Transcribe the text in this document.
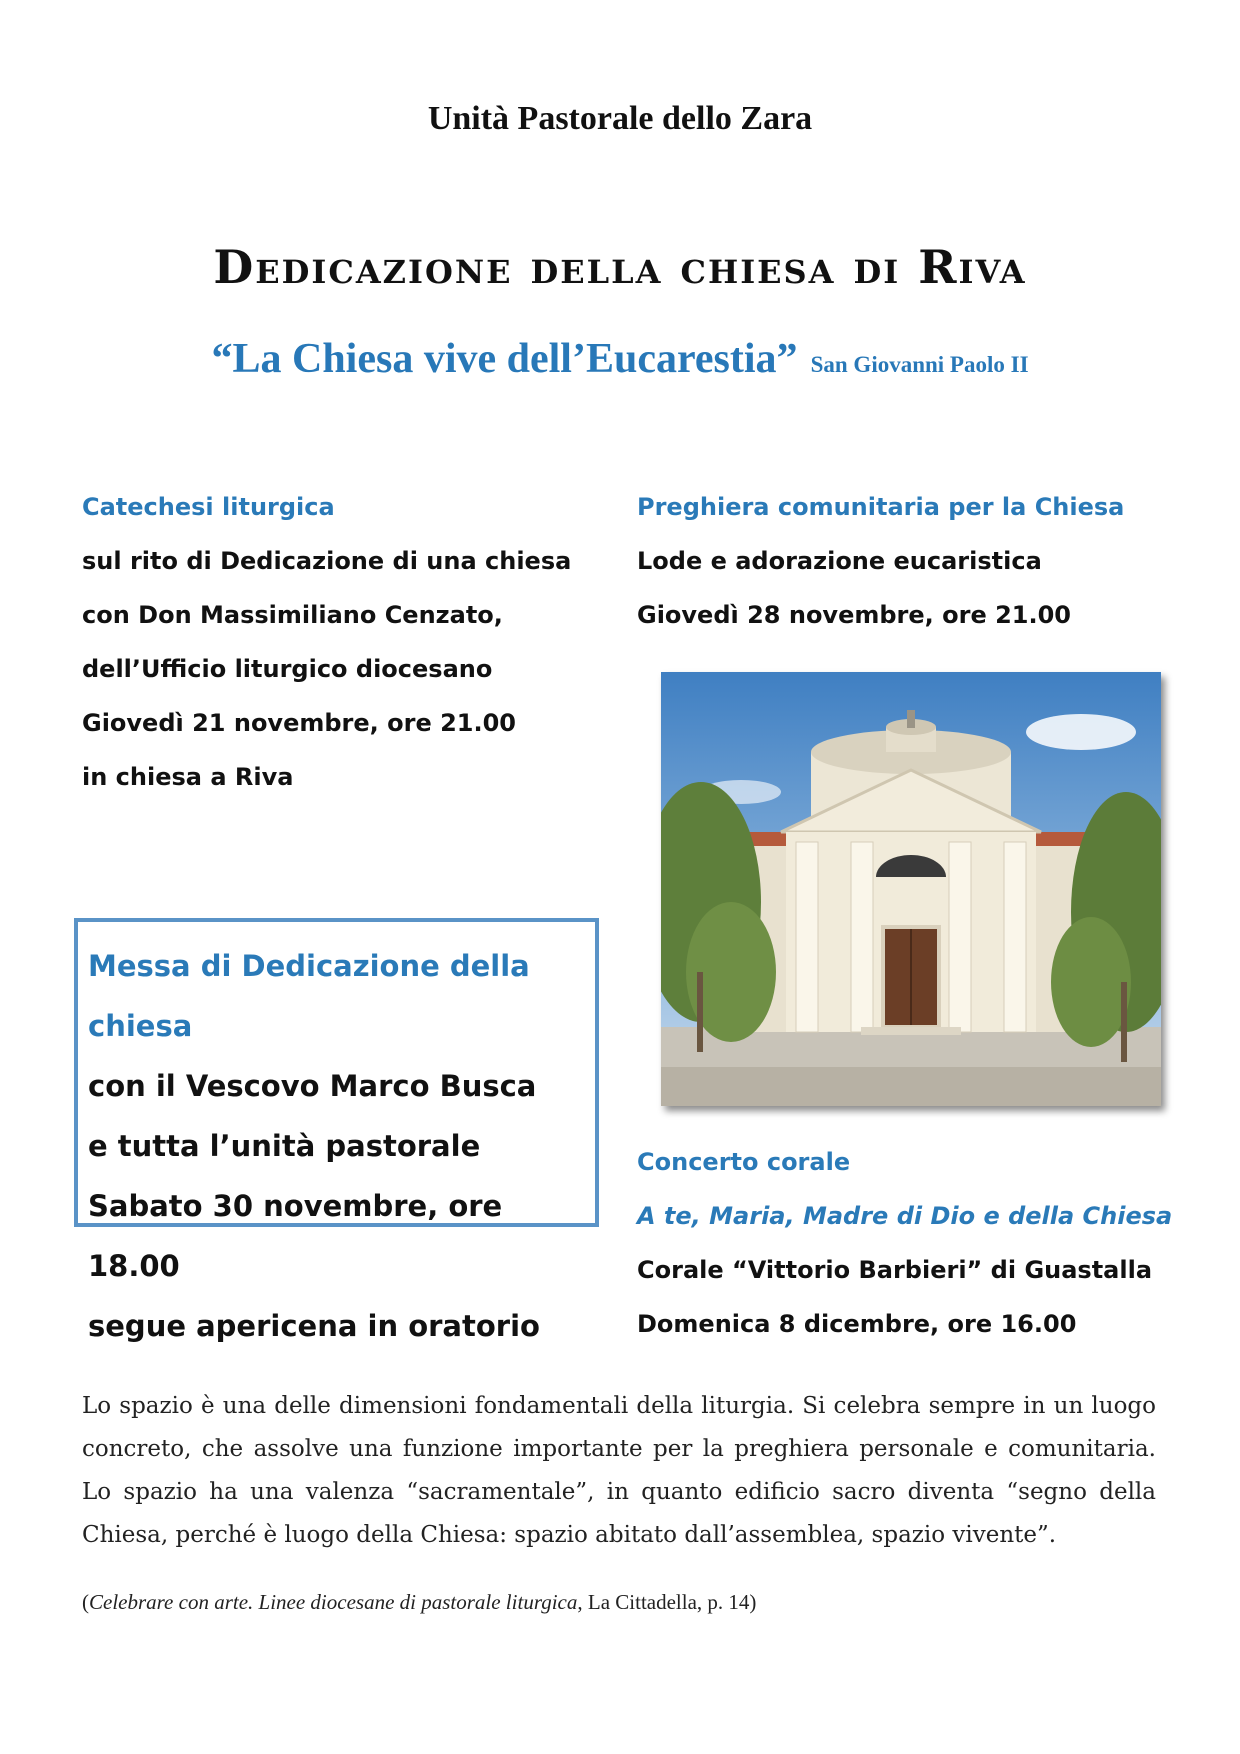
Unità Pastorale dello Zara
Dedicazione della chiesa di Riva
“La Chiesa vive dell’Eucarestia” San Giovanni Paolo II
Catechesi liturgica
sul rito di Dedicazione di una chiesa
con Don Massimiliano Cenzato,
dell’Ufficio liturgico diocesano
Giovedì 21 novembre, ore 21.00
in chiesa a Riva
Preghiera comunitaria per la Chiesa
Lode e adorazione eucaristica
Giovedì 28 novembre, ore 21.00
Messa di Dedicazione della chiesa
con il Vescovo Marco Busca
e tutta l’unità pastorale
Sabato 30 novembre, ore 18.00
segue apericena in oratorio
Concerto corale
A te, Maria, Madre di Dio e della Chiesa
Corale “Vittorio Barbieri” di Guastalla
Domenica 8 dicembre, ore 16.00
Lo spazio è una delle dimensioni fondamentali della liturgia. Si celebra sempre in un luogo concreto, che assolve una funzione importante per la preghiera personale e comunitaria. Lo spazio ha una valenza “sacramentale”, in quanto edificio sacro diventa “segno della Chiesa, perché è luogo della Chiesa: spazio abitato dall’assemblea, spazio vivente”.
(Celebrare con arte. Linee diocesane di pastorale liturgica, La Cittadella, p. 14)
